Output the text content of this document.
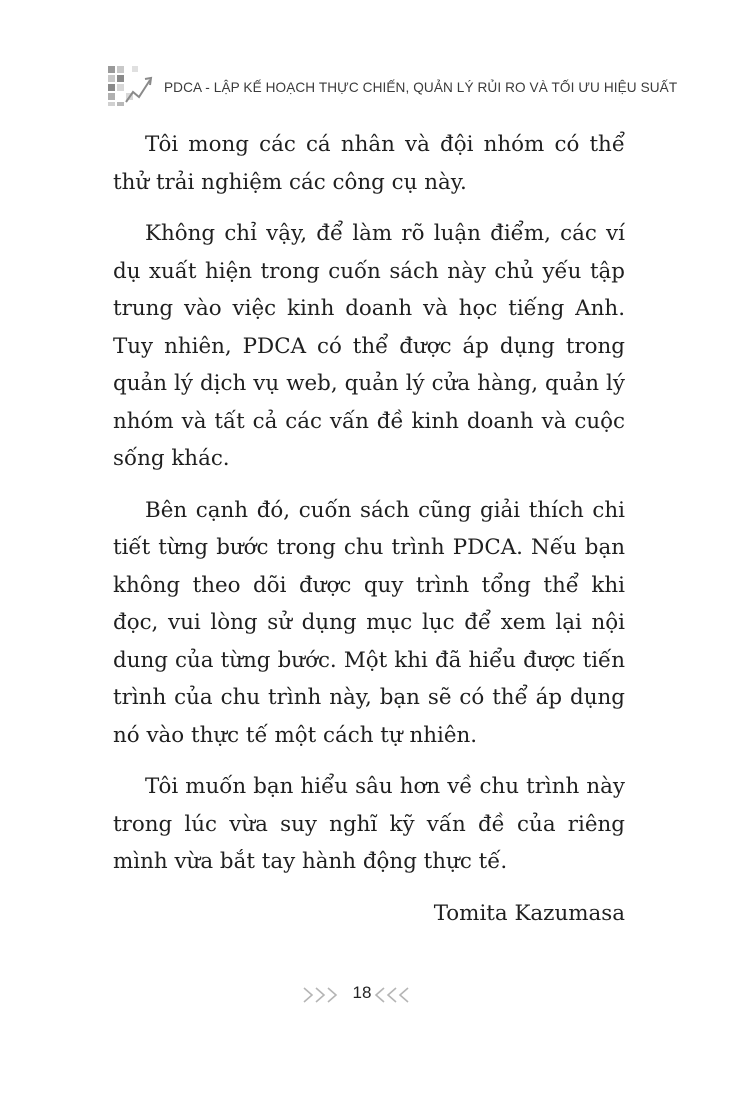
PDCA - LẬP KẾ HOẠCH THỰC CHIẾN, QUẢN LÝ RỦI RO VÀ TỐI ƯU HIỆU SUẤT

Tôi mong các cá nhân và đội nhóm có thể thử trải nghiệm các công cụ này.

Không chỉ vậy, để làm rõ luận điểm, các ví dụ xuất hiện trong cuốn sách này chủ yếu tập trung vào việc kinh doanh và học tiếng Anh. Tuy nhiên, PDCA có thể được áp dụng trong quản lý dịch vụ web, quản lý cửa hàng, quản lý nhóm và tất cả các vấn đề kinh doanh và cuộc sống khác.

Bên cạnh đó, cuốn sách cũng giải thích chi tiết từng bước trong chu trình PDCA. Nếu bạn không theo dõi được quy trình tổng thể khi đọc, vui lòng sử dụng mục lục để xem lại nội dung của từng bước. Một khi đã hiểu được tiến trình của chu trình này, bạn sẽ có thể áp dụng nó vào thực tế một cách tự nhiên.

Tôi muốn bạn hiểu sâu hơn về chu trình này trong lúc vừa suy nghĩ kỹ vấn đề của riêng mình vừa bắt tay hành động thực tế.

Tomita Kazumasa

18
